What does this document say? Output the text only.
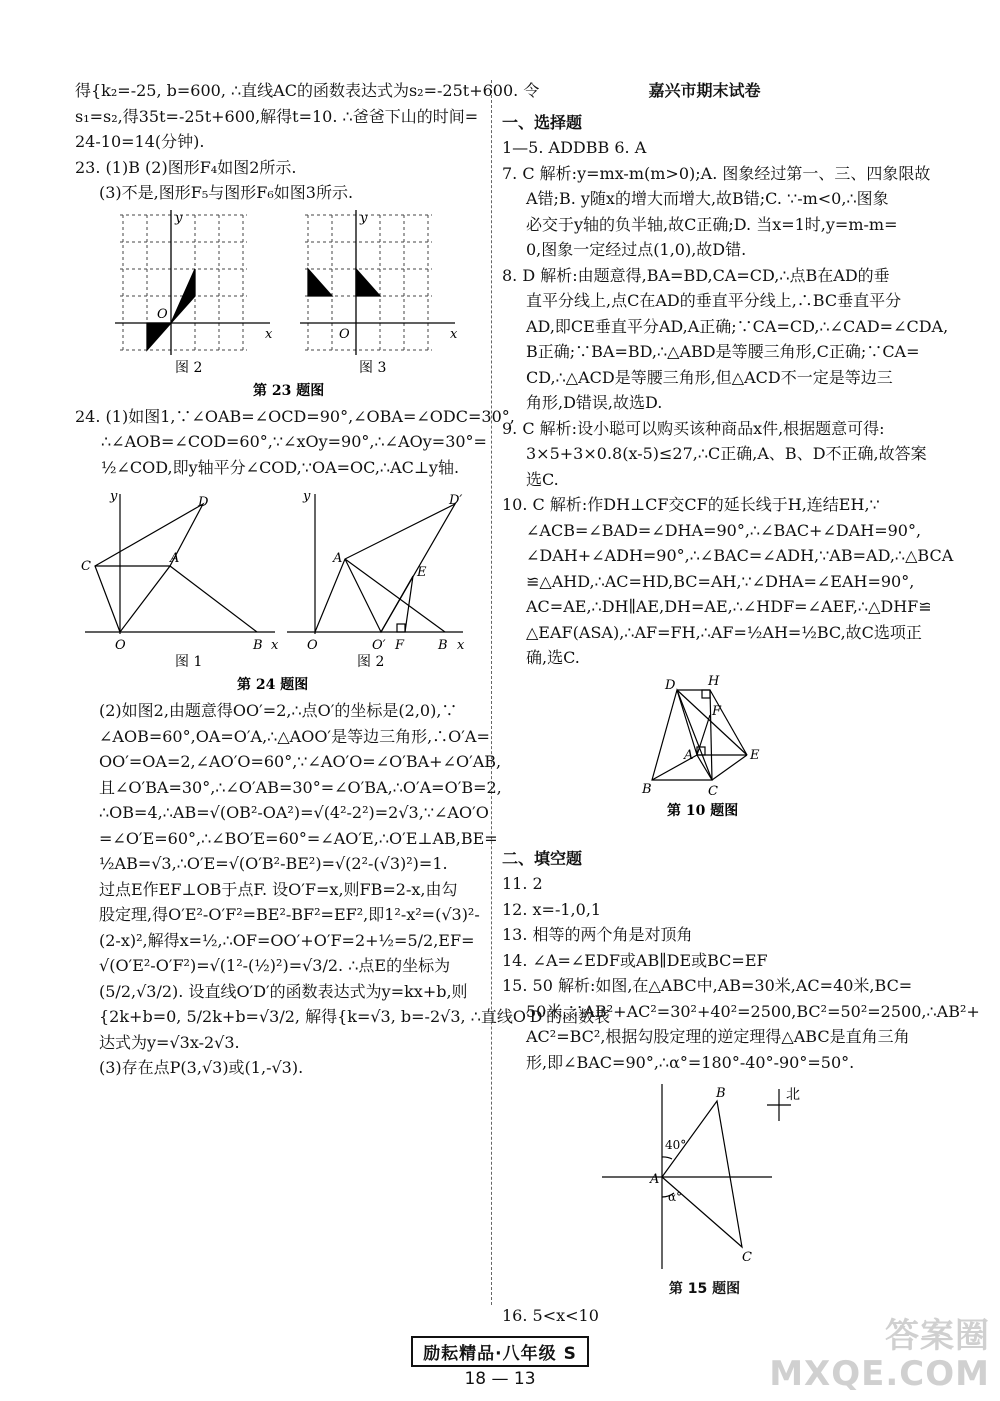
得{k₂=-25, b=600, ∴直线AC的函数表达式为s₂=-25t+600. 令
s₁=s₂,得35t=-25t+600,解得t=10. ∴爸爸下山的时间=
24-10=14(分钟).
23. (1)B (2)图形F₄如图2所示.
(3)不是,图形F₅与图形F₆如图3所示.
y
x
O
y
x
O
图 2	图 3
第 23 题图
24. (1)如图1,∵∠OAB=∠OCD=90°,∠OBA=∠ODC=30°,
∴∠AOB=∠COD=60°,∵∠xOy=90°,∴∠AOy=30°=
½∠COD,即y轴平分∠COD,∵OA=OC,∴AC⊥y轴.
y	D
C
A
O	B x
y	D′
A
E
O	O′ F	B x
图 1	图 2
第 24 题图
(2)如图2,由题意得OO′=2,∴点O′的坐标是(2,0),∵
∠AOB=60°,OA=O′A,∴△AOO′是等边三角形,∴O′A=
OO′=OA=2,∠AO′O=60°,∵∠AO′O=∠O′BA+∠O′AB,
且∠O′BA=30°,∴∠O′AB=30°=∠O′BA,∴O′A=O′B=2,
∴OB=4,∴AB=√(OB²-OA²)=√(4²-2²)=2√3,∵∠AO′O
=∠O′E=60°,∴∠BO′E=60°=∠AO′E,∴O′E⊥AB,BE=
½AB=√3,∴O′E=√(O′B²-BE²)=√(2²-(√3)²)=1.
过点E作EF⊥OB于点F. 设O′F=x,则FB=2-x,由勾
股定理,得O′E²-O′F²=BE²-BF²=EF²,即1²-x²=(√3)²-
(2-x)²,解得x=½,∴OF=OO′+O′F=2+½=5/2,EF=
√(O′E²-O′F²)=√(1²-(½)²)=√3/2. ∴点E的坐标为
(5/2,√3/2). 设直线O′D′的函数表达式为y=kx+b,则
{2k+b=0, 5/2k+b=√3/2, 解得{k=√3, b=-2√3, ∴直线O′D′的函数表
达式为y=√3x-2√3.
(3)存在点P(3,√3)或(1,-√3).
嘉兴市期末试卷
一、选择题
1—5. ADDBB 6. A
7. C 解析:y=mx-m(m>0);A. 图象经过第一、三、四象限故
A错;B. y随x的增大而增大,故B错;C. ∵-m<0,∴图象
必交于y轴的负半轴,故C正确;D. 当x=1时,y=m-m=
0,图象一定经过点(1,0),故D错.
8. D 解析:由题意得,BA=BD,CA=CD,∴点B在AD的垂
直平分线上,点C在AD的垂直平分线上,∴BC垂直平分
AD,即CE垂直平分AD,A正确;∵CA=CD,∴∠CAD=∠CDA,
B正确;∵BA=BD,∴△ABD是等腰三角形,C正确;∵CA=
CD,∴△ACD是等腰三角形,但△ACD不一定是等边三
角形,D错误,故选D.
9. C 解析:设小聪可以购买该种商品x件,根据题意可得:
3×5+3×0.8(x-5)≤27,∴C正确,A、B、D不正确,故答案
选C.
10. C 解析:作DH⊥CF交CF的延长线于H,连结EH,∵
∠ACB=∠BAD=∠DHA=90°,∴∠BAC+∠DAH=90°,
∠DAH+∠ADH=90°,∴∠BAC=∠ADH,∵AB=AD,∴△BCA
≌△AHD,∴AC=HD,BC=AH,∵∠DHA=∠EAH=90°,
AC=AE,∴DH∥AE,DH=AE,∴∠HDF=∠AEF,∴△DHF≌
△EAF(ASA),∴AF=FH,∴AF=½AH=½BC,故C选项正
确,选C.
D	H
F
A	E
B	C
第 10 题图
二、填空题
11. 2
12. x=-1,0,1
13. 相等的两个角是对顶角
14. ∠A=∠EDF或AB∥DE或BC=EF
15. 50 解析:如图,在△ABC中,AB=30米,AC=40米,BC=
50米,∵AB²+AC²=30²+40²=2500,BC²=50²=2500,∴AB²+
AC²=BC²,根据勾股定理的逆定理得△ABC是直角三角
形,即∠BAC=90°,∴α°=180°-40°-90°=50°.
北
40°
α°
A
B
C
第 15 题图
16. 5<x<10
励耘精品·八年级 S
18 — 13
答案圈
MXQE.COM
